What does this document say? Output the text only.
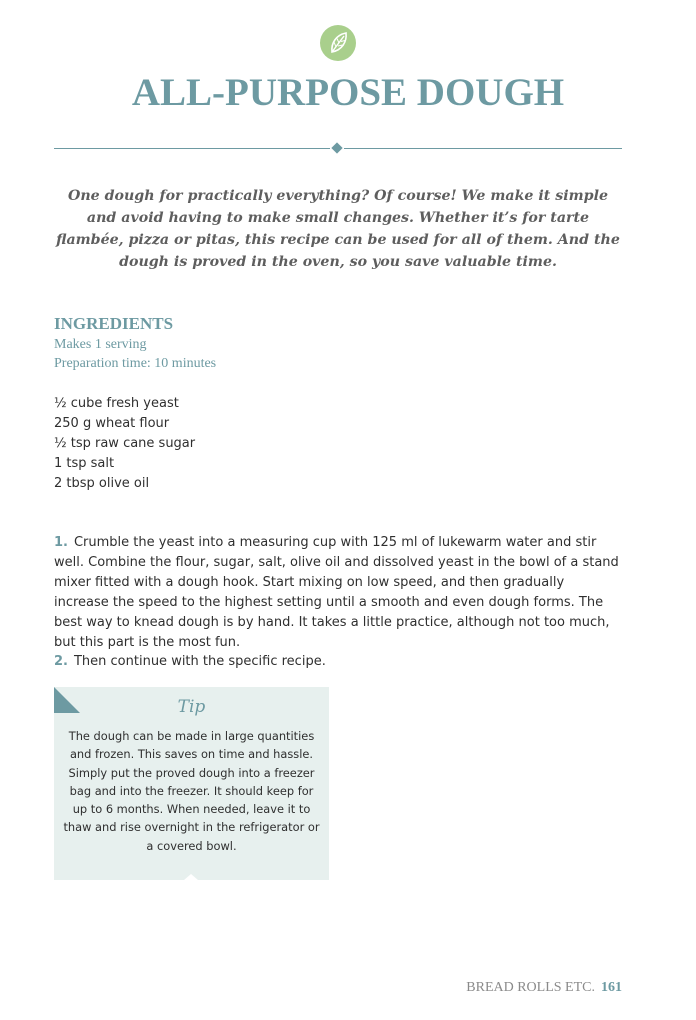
ALL-PURPOSE DOUGH

One dough for practically everything? Of course! We make it simple and avoid having to make small changes. Whether it’s for tarte flambée, pizza or pitas, this recipe can be used for all of them. And the dough is proved in the oven, so you save valuable time.

INGREDIENTS
Makes 1 serving
Preparation time: 10 minutes
½ cube fresh yeast
250 g wheat flour
½ tsp raw cane sugar
1 tsp salt
2 tbsp olive oil

1. Crumble the yeast into a measuring cup with 125 ml of lukewarm water and stir well. Combine the flour, sugar, salt, olive oil and dissolved yeast in the bowl of a stand mixer fitted with a dough hook. Start mixing on low speed, and then gradually increase the speed to the highest setting until a smooth and even dough forms. The best way to knead dough is by hand. It takes a little practice, although not too much, but this part is the most fun.

2. Then continue with the specific recipe.

Tip

The dough can be made in large quantities and frozen. This saves on time and hassle. Simply put the proved dough into a freezer bag and into the freezer. It should keep for up to 6 months. When needed, leave it to thaw and rise overnight in the refrigerator or a covered bowl.

BREAD ROLLS ETC. 161
